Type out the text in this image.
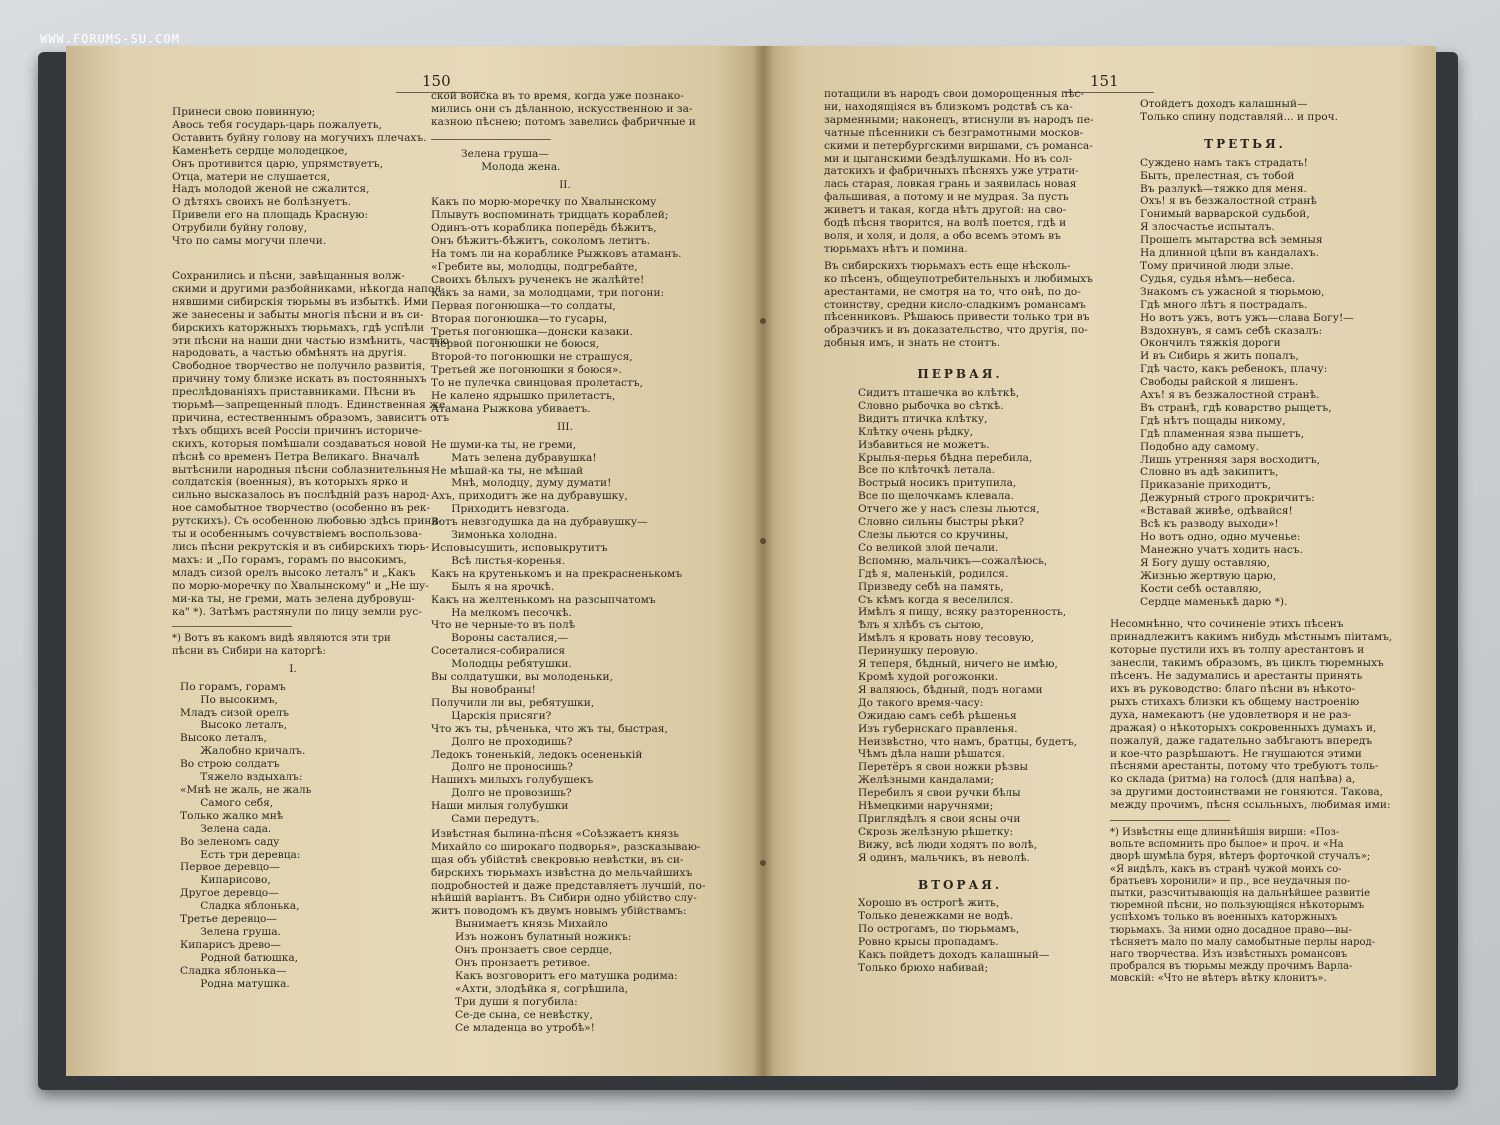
WWW.FORUMS-SU.COM
150
Принеси свою повинную;
Авось тебя государь-царь пожалуеть,
Оставить буйну голову на могучихъ плечахъ.
Каменѣеть сердце молодецкое,
Онъ противится царю, упрямствуетъ,
Отца, матери не слушается,
Надъ молодой женой не сжалится,
О дѣтяхъ своихъ не болѣзнуетъ.
Привели его на площадь Красную:
Отрубили буйну голову,
Что по самы могучи плечи.
Сохранились и пѣсни, завѣщанныя волж-
скими и другими разбойниками, нѣкогда напол-
нявшими сибирскія тюрьмы въ избыткѣ. Ими
же занесены и забыты многія пѣсни и въ си-
бирскихъ каторжныхъ тюрьмахъ, гдѣ успѣли
эти пѣсни на наши дни частью измѣнить, частью
народовать, а частью обмѣнять на другія.
Свободное творчество не получило развитія,
причину тому близке искать въ постоянныхъ
преслѣдованіяхъ приставниками. Пѣсни въ
тюрьмѣ—запрещенный плодъ. Единственная же
причина, естественнымъ образомъ, зависитъ отъ
тѣхъ общихъ всей Россіи причинъ историче-
скихъ, которыя помѣшали создаваться новой
пѣснѣ со временъ Петра Великаго. Вначалѣ
вытѣснили народныя пѣсни соблазнительныя
солдатскія (военныя), въ которыхъ ярко и
сильно высказалось въ послѣдній разъ народ-
ное самобытное творчество (особенно въ рек-
рутскихъ). Съ особенною любовью здѣсь приня-
ты и особеннымъ сочувствіемъ воспользова-
лись пѣсни рекрутскія и въ сибирскихъ тюрь-
махъ: и „По горамъ, горамъ по высокимъ,
младъ сизой орелъ высоко леталъ" и „Какъ
по морю-моречку по Хвалынскому" и „Не шу-
ми-ка ты, не греми, мать зелена дубровуш-
ка" *). Затѣмъ растянули по лицу земли рус-
*) Вотъ въ какомъ видѣ являются эти три
пѣсни въ Сибири на каторгѣ:
I.
По горамъ, горамъ
По высокимъ,
Младъ сизой орелъ
Высоко леталъ,
Высоко леталъ,
Жалобно кричалъ.
Во строю солдатъ
Тяжело вздыхалъ:
«Мнѣ не жаль, не жаль
Самого себя,
Только жалко мнѣ
Зелена сада.
Во зеленомъ саду
Есть три деревца:
Первое деревцо—
Кипарисово,
Другое деревцо—
Сладка яблонька,
Третье деревцо—
Зелена груша.
Кипарисъ древо—
Родной батюшка,
Сладка яблонька—
Родна матушка.
ской войска въ то время, когда уже познако-
мились они съ дѣланною, искусственною и за-
казною пѣснею; потомъ завелись фабричные и
Зелена груша—
Молода жена.
II.
Какъ по морю-моречку по Хвалынскому
Плывуть воспоминать тридцать кораблей;
Одинъ-отъ кораблика поперёдь бѣжитъ,
Онъ бѣжитъ-бѣжитъ, соколомъ летитъ.
На томъ ли на кораблике Рыжковъ атаманъ.
«Гребите вы, молодцы, подгребайте,
Своихъ бѣлыхъ рученекъ не жалѣйте!
Какъ за нами, за молодцами, три погони:
Первая погонюшка—то солдаты,
Вторая погонюшка—то гусары,
Третья погонюшка—донски казаки.
Первой погонюшки не боюся,
Второй-то погонюшки не страшуся,
Третьей же погонюшки я боюся».
То не пулечка свинцовая пролетастъ,
Не калено ядрышко прилетастъ,
Атамана Рыжкова убиваетъ.
III.
Не шуми-ка ты, не греми,
Мать зелена дубравушка!
Не мѣшай-ка ты, не мѣшай
Мнѣ, молодцу, думу думати!
Ахъ, приходитъ же на дубравушку,
Приходитъ невзгода.
Вотъ невзгодушка да на дубравушку—
Зимонька холодна.
Исповысушить, исповыкрутитъ
Всѣ листья-коренья.
Какъ на крутенькомъ и на прекрасненькомъ
Былъ я на ярочкѣ.
Какъ на желтенькомъ на разсыпчатомъ
На мелкомъ песочкѣ.
Что не черные-то въ полѣ
Вороны састалися,—
Сосеталися-собиралися
Молодцы ребятушки.
Вы солдатушки, вы молоденьки,
Вы новобраны!
Получили ли вы, ребятушки,
Царскія присяги?
Что жъ ты, рѣченька, что жъ ты, быстрая,
Долго не проходишь?
Ледокъ тоненькій, ледокъ осененькій
Долго не проносишь?
Нашихъ милыхъ голубушекъ
Долго не провозишь?
Наши милыя голубушки
Сами передутъ.
Извѣстная былина-пѣсня «Соѣзжаетъ князь
Михайло со широкаго подворья», разсказываю-
щая объ убійствѣ свекровью невѣстки, въ си-
бирскихъ тюрьмахъ извѣстна до мельчайшихъ
подробностей и даже представляетъ лучшій, по-
нѣйшій варіантъ. Въ Сибири одно убійство слу-
житъ поводомъ къ двумъ новымъ убійствамъ:
Вынимаетъ князь Михайло
Изъ ножонъ булатный ножикъ:
Онъ пронзаетъ свое сердце,
Онъ пронзаетъ ретивое.
Какъ возговоритъ его матушка родима:
«Ахти, злодѣйка я, согрѣшила,
Три души я погубила:
Се-де сына, се невѣстку,
Се младенца во утробѣ»!
151
потащили въ народъ свои доморощенныя пѣс-
ни, находящіяся въ близкомъ родствѣ съ ка-
зарменными; наконецъ, втиснули въ народъ пе-
чатные пѣсенники съ безграмотными москов-
скими и петербургскими виршами, съ романса-
ми и цыганскими бездѣлушками. Но въ сол-
датскихъ и фабричныхъ пѣсняхъ уже утрати-
лась старая, ловкая грань и заявилась новая
фальшивая, а потому и не мудрая. За пусть
живетъ и такая, когда нѣтъ другой: на сво-
бодѣ пѣсня творится, на волѣ поется, гдѣ и
воля, и холя, и доля, а обо всемъ этомъ въ
тюрьмахъ нѣтъ и помина.
Въ сибирскихъ тюрьмахъ есть еще нѣсколь-
ко пѣсенъ, общеупотребительныхъ и любимыхъ
арестантами, не смотря на то, что онѣ, по до-
стоинству, средни кисло-сладкимъ романсамъ
пѣсенниковъ. Рѣшаюсь привести только три въ
образчикъ и въ доказательство, что другія, по-
добныя имъ, и знать не стоитъ.
ПЕРВАЯ.
Сидитъ пташечка во клѣткѣ,
Словно рыбочка во сѣткѣ.
Видитъ птичка клѣтку,
Клѣтку очень рѣдку,
Избавиться не можетъ.
Крылья-перья бѣдна перебила,
Все по клѣточкѣ летала.
Вострый носикъ притупила,
Все по щелочкамъ клевала.
Отчего же у насъ слезы льются,
Словно сильны быстры рѣки?
Слезы льются со кручины,
Со великой злой печали.
Вспомню, мальчикъ—сожалѣюсь,
Гдѣ я, маленькій, родился.
Призведу себѣ на память,
Съ кѣмъ когда я веселился.
Имѣлъ я пищу, всяку разторенность,
Ѣлъ я хлѣбъ съ сытою,
Имѣлъ я кровать нову тесовую,
Перинушку перовую.
Я теперя, бѣдный, ничего не имѣю,
Кромѣ худой рогожонки.
Я валяюсь, бѣдный, подъ ногами
До такого время-часу:
Ожидаю самъ себѣ рѣшенья
Изъ губернскаго правленья.
Неизвѣстно, что намъ, братцы, будетъ,
Чѣмъ дѣла наши рѣшатся.
Перетёръ я свои ножки рѣзвы
Желѣзными кандалами;
Перебилъ я свои ручки бѣлы
Нѣмецкими наручнями;
Приглядѣлъ я свои ясны очи
Скрозь желѣзную рѣшетку:
Вижу, всѣ люди ходятъ по волѣ,
Я одинъ, мальчикъ, въ неволѣ.
ВТОРАЯ.
Хорошо въ острогѣ жить,
Только денежками не водѣ.
По острогамъ, по тюрьмамъ,
Ровно крысы пропадамъ.
Какъ пойдетъ доходъ калашный—
Только брюхо набивай;
Отойдетъ доходъ калашный—
Только спину подставляй... и проч.
ТРЕТЬЯ.
Суждено намъ такъ страдать!
Быть, прелестная, съ тобой
Въ разлукѣ—тяжко для меня.
Охъ! я въ безжалостной странѣ
Гонимый варварской судьбой,
Я злосчастье испыталъ.
Прошелъ мытарства всѣ земныя
На длинной цѣпи въ кандалахъ.
Тому причиной люди злые.
Судья, судья нѣмъ—небеса.
Знакомъ съ ужасной я тюрьмою,
Гдѣ много лѣтъ я пострадалъ.
Но вотъ ужъ, вотъ ужъ—слава Богу!—
Вздохнувъ, я самъ себѣ сказалъ:
Окончилъ тяжкія дороги
И въ Сибирь я жить попалъ,
Гдѣ часто, какъ ребенокъ, плачу:
Свободы райской я лишенъ.
Ахъ! я въ безжалостной странѣ.
Въ странѣ, гдѣ коварство рыщетъ,
Гдѣ нѣтъ пощады никому,
Гдѣ пламенная язва пышетъ,
Подобно аду самому.
Лишь утренняя заря восходитъ,
Словно въ адѣ закипитъ,
Приказаніе приходитъ,
Дежурный строго прокричитъ:
«Вставай живѣе, одѣвайся!
Всѣ къ разводу выходи»!
Но вотъ одно, одно мученье:
Манежно учатъ ходить насъ.
Я Богу душу оставляю,
Жизнью жертвую царю,
Кости себѣ оставляю,
Сердце маменькѣ дарю *).
Несомнѣнно, что сочиненіе этихъ пѣсенъ
принадлежитъ какимъ нибудь мѣстнымъ пiитамъ,
которые пустили ихъ въ толпу арестантовъ и
занесли, такимъ образомъ, въ циклъ тюремныхъ
пѣсенъ. Не задумались и арестанты принять
ихъ въ руководство: благо пѣсни въ нѣкото-
рыхъ стихахъ близки къ общему настроенію
духа, намекаютъ (не удовлетворя и не раз-
дражая) о нѣкоторыхъ сокровенныхъ думахъ и,
пожалуй, даже гадательно забѣгаютъ впередъ
и кое-что разрѣшаютъ. Не гнушаются этими
пѣснями арестанты, потому что требуютъ толь-
ко склада (ритма) на голосѣ (для напѣва) а,
за другими достоинствами не гоняются. Такова,
между прочимъ, пѣсня ссыльныхъ, любимая ими:
*) Извѣстны еще длиннѣйшія вирши: «Поз-
вольте вспомнить про былое» и проч. и «На
дворѣ шумѣла буря, вѣтеръ форточкой стучалъ»;
«Я видѣлъ, какъ въ странѣ чужой моихъ со-
братьевъ хоронили» и пр., все неудачныя по-
пытки, разсчитывающія на дальнѣйшее развитіе
тюремной пѣсни, но пользующіяся нѣкоторымъ
успѣхомъ только въ военныхъ каторжныхъ
тюрьмахъ. За ними одно досадное право—вы-
тѣсняетъ мало по малу самобытные перлы народ-
наго творчества. Изъ извѣстныхъ романсовъ
пробрался въ тюрьмы между прочимъ Варла-
мовскій: «Что не вѣтеръ вѣтку клонитъ».
